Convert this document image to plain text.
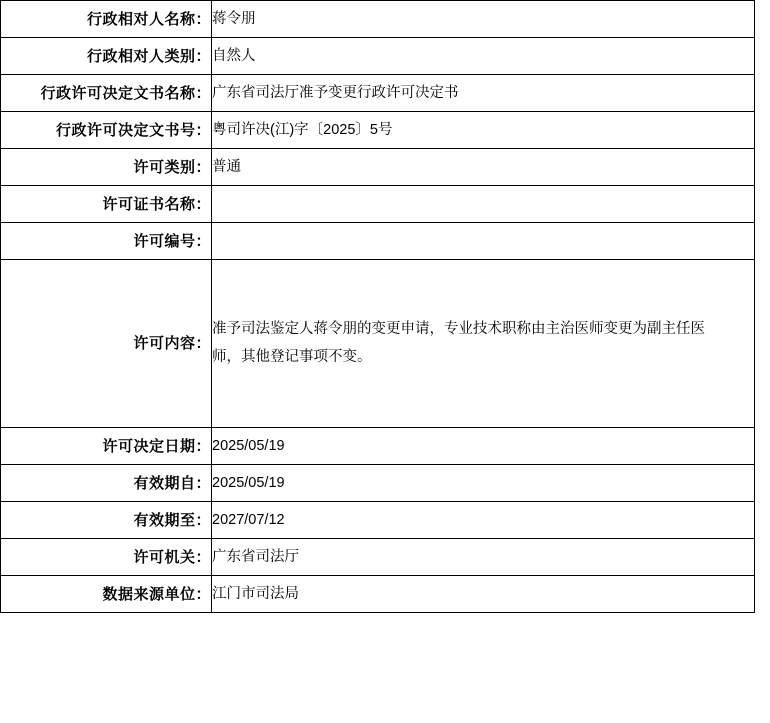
行政相对人名称：	蒋令朋
行政相对人类别：	自然人
行政许可决定文书名称：	广东省司法厅准予变更行政许可决定书
行政许可决定文书号：	粤司许决(江)字〔2025〕5号
许可类别：	普通
许可证书名称：	
许可编号：	
许可内容：	准予司法鉴定人蒋令朋的变更申请，专业技术职称由主治医师变更为副主任医师，其他登记事项不变。
许可决定日期：	2025/05/19
有效期自：	2025/05/19
有效期至：	2027/07/12
许可机关：	广东省司法厅
数据来源单位：	江门市司法局
